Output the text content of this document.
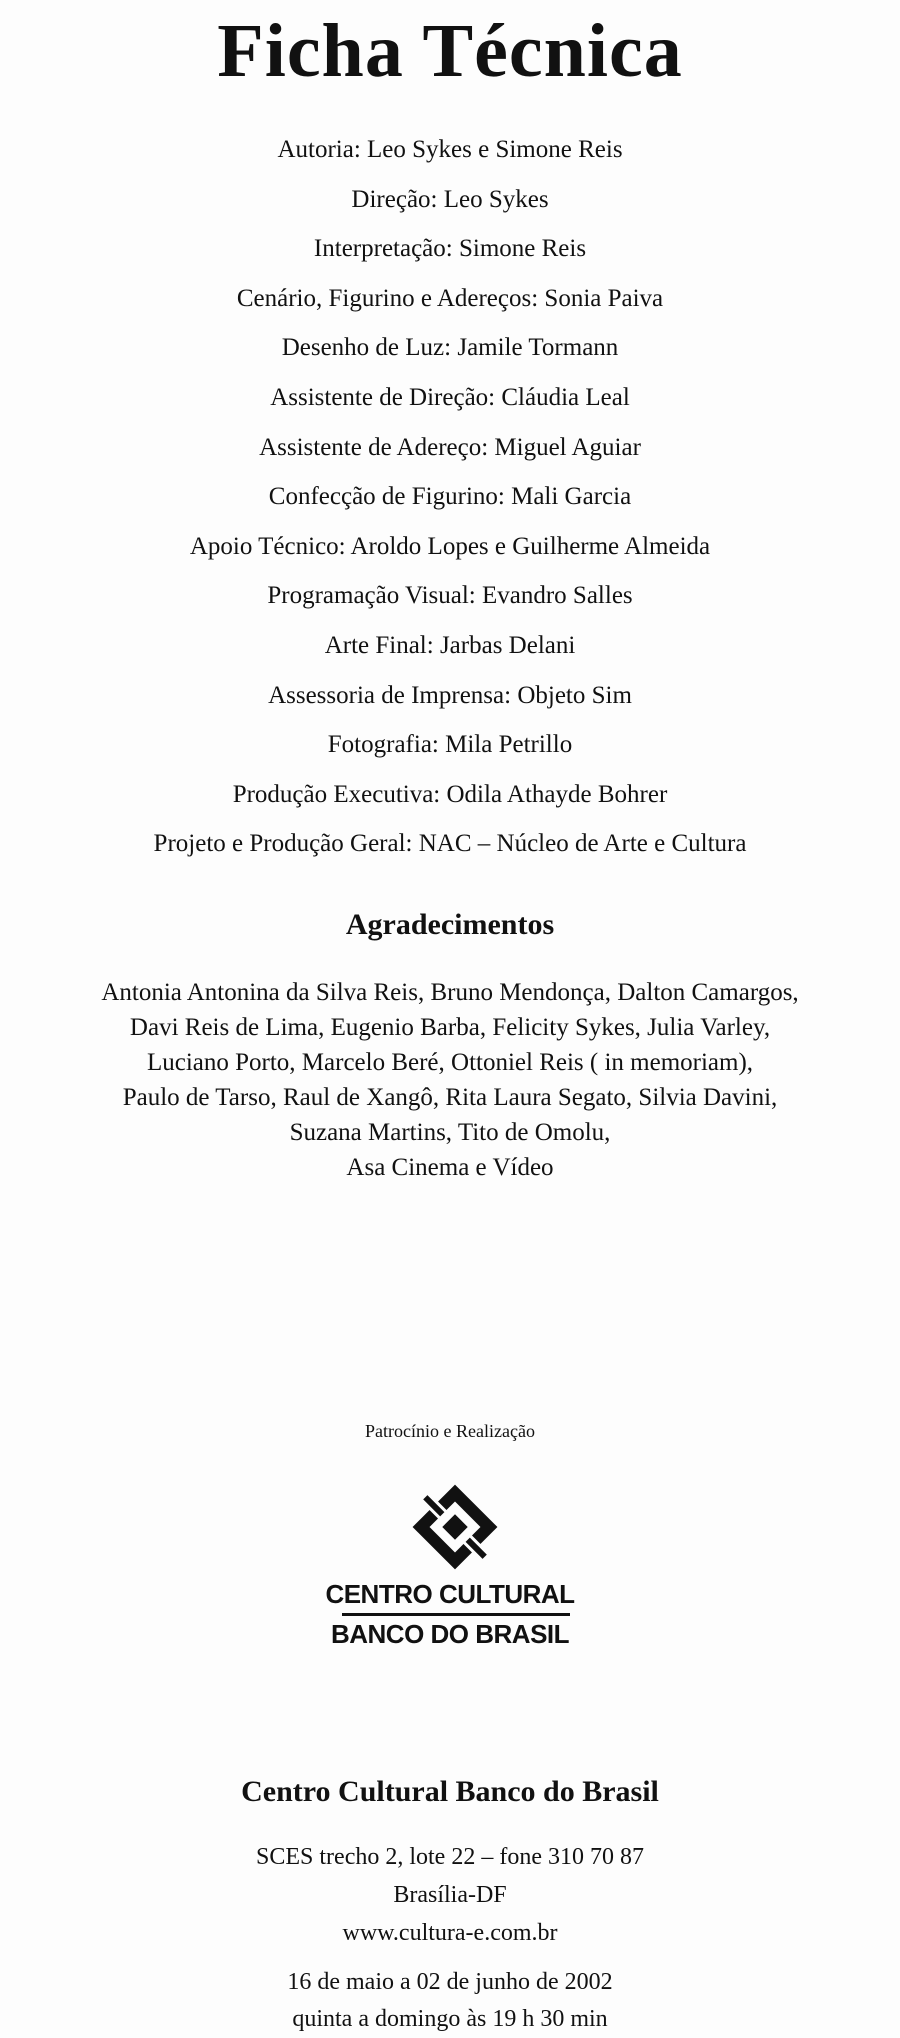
Ficha Técnica
Autoria: Leo Sykes e Simone Reis
Direção: Leo Sykes
Interpretação: Simone Reis
Cenário, Figurino e Adereços: Sonia Paiva
Desenho de Luz: Jamile Tormann
Assistente de Direção: Cláudia Leal
Assistente de Adereço: Miguel Aguiar
Confecção de Figurino: Mali Garcia
Apoio Técnico: Aroldo Lopes e Guilherme Almeida
Programação Visual: Evandro Salles
Arte Final: Jarbas Delani
Assessoria de Imprensa: Objeto Sim
Fotografia: Mila Petrillo
Produção Executiva: Odila Athayde Bohrer
Projeto e Produção Geral: NAC – Núcleo de Arte e Cultura
Agradecimentos
Antonia Antonina da Silva Reis, Bruno Mendonça, Dalton Camargos,
Davi Reis de Lima, Eugenio Barba, Felicity Sykes, Julia Varley,
Luciano Porto, Marcelo Beré, Ottoniel Reis ( in memoriam),
Paulo de Tarso, Raul de Xangô, Rita Laura Segato, Silvia Davini,
Suzana Martins, Tito de Omolu,
Asa Cinema e Vídeo
Patrocínio e Realização
CENTRO CULTURAL
BANCO DO BRASIL
Centro Cultural Banco do Brasil
SCES trecho 2, lote 22 – fone 310 70 87
Brasília-DF
www.cultura-e.com.br
16 de maio a 02 de junho de 2002
quinta a domingo às 19 h 30 min
